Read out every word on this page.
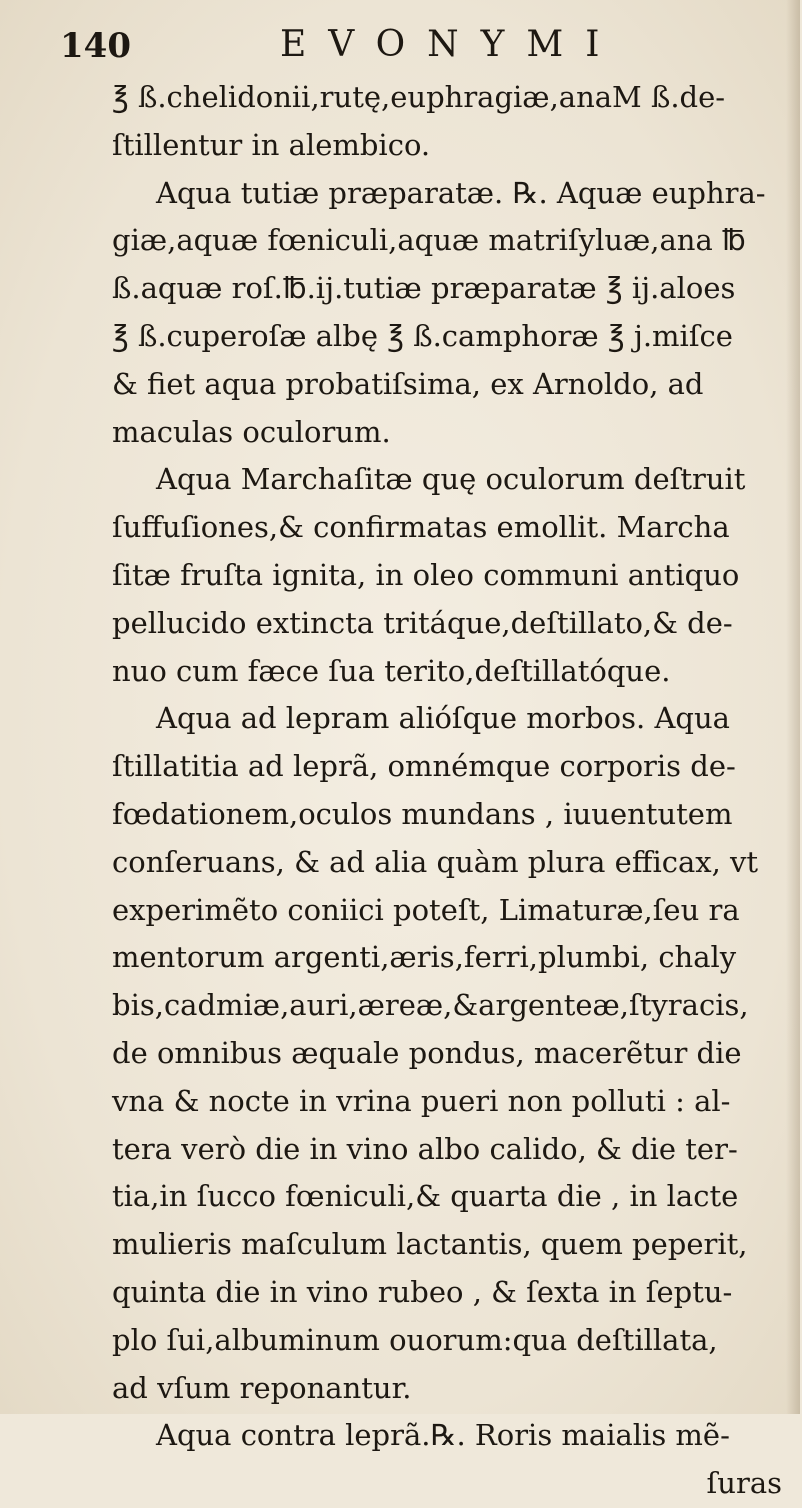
140	EVONYMI
℥ ß.chelidonii,rutę,euphragiæ,anaM ß.de-
ſtillentur in alembico.
Aqua tutiæ præparatæ. ℞. Aquæ euphra-
giæ,aquæ fœniculi,aquæ matriſyluæ,ana ℔
ß.aquæ roſ.℔.ij.tutiæ præparatæ ℥ ij.aloes
℥ ß.cuperoſæ albę ℥ ß.camphoræ ℥ j.miſce
& fiet aqua probatiſsima, ex Arnoldo, ad
maculas oculorum.
Aqua Marchaſitæ quę oculorum deſtruit
ſuffuſiones,& confirmatas emollit. Marcha
ſitæ fruſta ignita, in oleo communi antiquo
pellucido extincta tritáque,deſtillato,& de-
nuo cum fæce ſua terito,deſtillatóque.
Aqua ad lepram alióſque morbos. Aqua
ſtillatitia ad leprã, omnémque corporis de-
fœdationem,oculos mundans , iuuentutem
conſeruans, & ad alia quàm plura efficax, vt
experimẽto coniici poteſt, Limaturæ,ſeu ra
mentorum argenti,æris,ferri,plumbi, chaly
bis,cadmiæ,auri,æreæ,&argenteæ,ſtyracis,
de omnibus æquale pondus, macerẽtur die
vna & nocte in vrina pueri non polluti : al-
tera verò die in vino albo calido, & die ter-
tia,in ſucco fœniculi,& quarta die , in lacte
mulieris maſculum lactantis, quem peperit,
quinta die in vino rubeo , & ſexta in ſeptu-
plo ſui,albuminum ouorum:qua deſtillata,
ad vſum reponantur.
Aqua contra leprã.℞. Roris maialis mẽ-
ſuras
